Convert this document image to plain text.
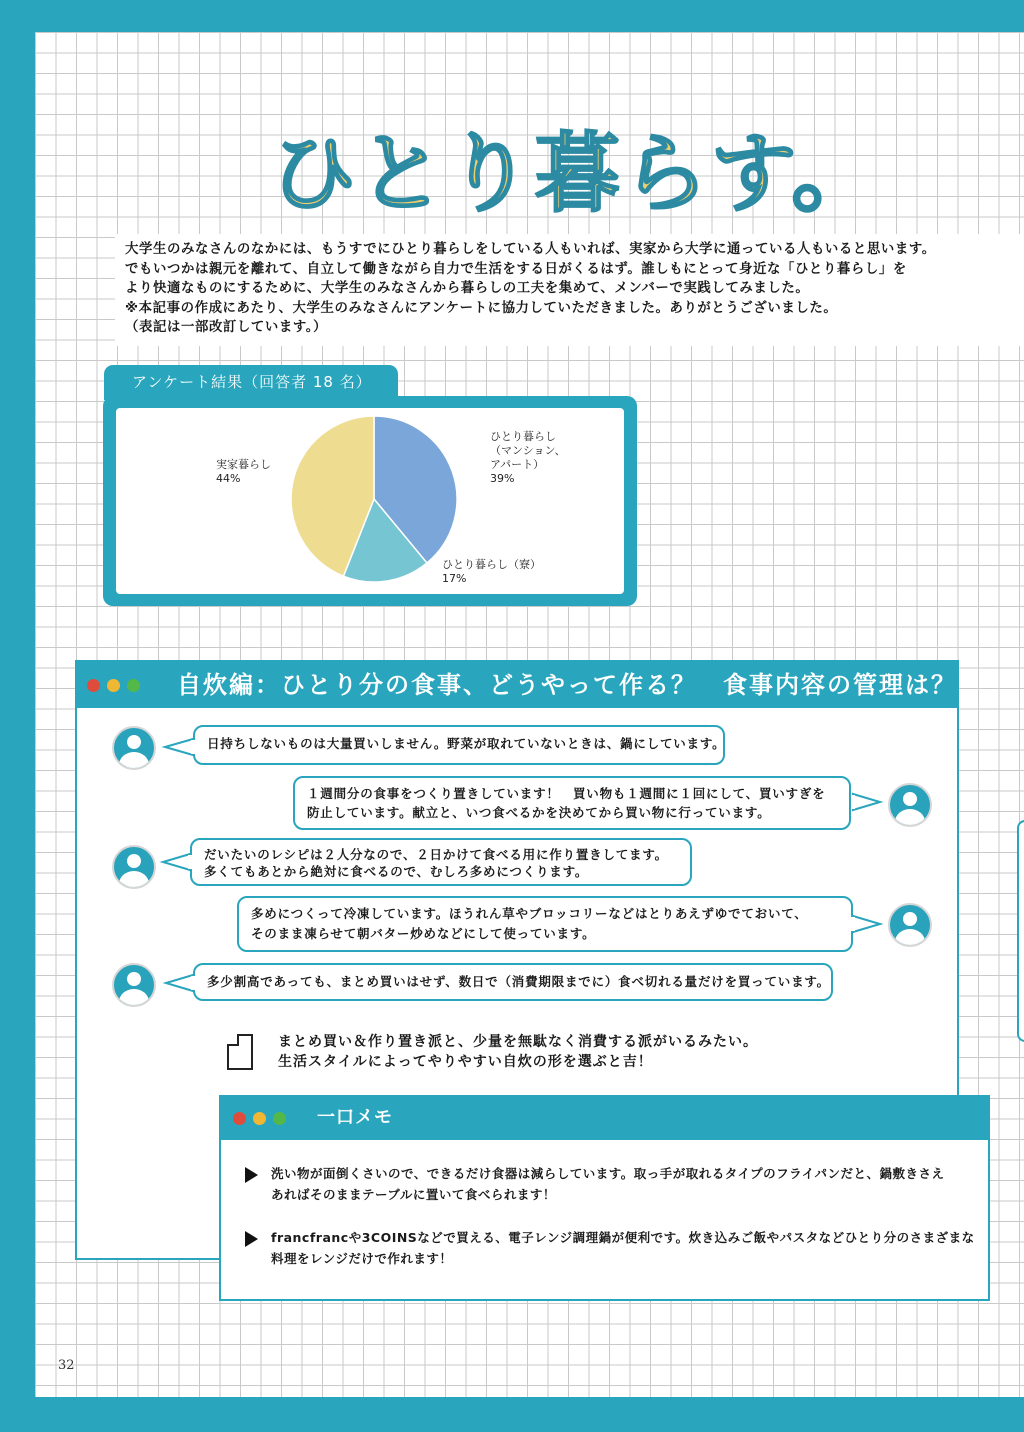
ひとり暮らす。

大学生のみなさんのなかには、もうすでにひとり暮らしをしている人もいれば、実家から大学に通っている人もいると思います。

でもいつかは親元を離れて、自立して働きながら自力で生活をする日がくるはず。誰しもにとって身近な「ひとり暮らし」を

より快適なものにするために、大学生のみなさんから暮らしの工夫を集めて、メンバーで実践してみました。

※本記事の作成にあたり、大学生のみなさんにアンケートに協力していただきました。ありがとうございました。

（表記は一部改訂しています。）

アンケート結果（回答者 18 名）
ひとり暮らし
（マンション、
アパート）
39%
ひとり暮らし（寮）
17%
実家暮らし
44%
自炊編：ひとり分の食事、どうやって作る？　食事内容の管理は？

日持ちしないものは大量買いしません。野菜が取れていないときは、鍋にしています。

１週間分の食事をつくり置きしています！　買い物も１週間に１回にして、買いすぎを

防止しています。献立と、いつ食べるかを決めてから買い物に行っています。

だいたいのレシピは２人分なので、２日かけて食べる用に作り置きしてます。

多くてもあとから絶対に食べるので、むしろ多めにつくります。

多めにつくって冷凍しています。ほうれん草やブロッコリーなどはとりあえずゆでておいて、

そのまま凍らせて朝バター炒めなどにして使っています。

多少割高であっても、まとめ買いはせず、数日で（消費期限までに）食べ切れる量だけを買っています。

まとめ買い＆作り置き派と、少量を無駄なく消費する派がいるみたい。

生活スタイルによってやりやすい自炊の形を選ぶと吉！

一口メモ

洗い物が面倒くさいので、できるだけ食器は減らしています。取っ手が取れるタイプのフライパンだと、鍋敷きさえ

あればそのままテーブルに置いて食べられます！

francfrancや3COINSなどで買える、電子レンジ調理鍋が便利です。炊き込みご飯やパスタなどひとり分のさまざまな

料理をレンジだけで作れます！

32
